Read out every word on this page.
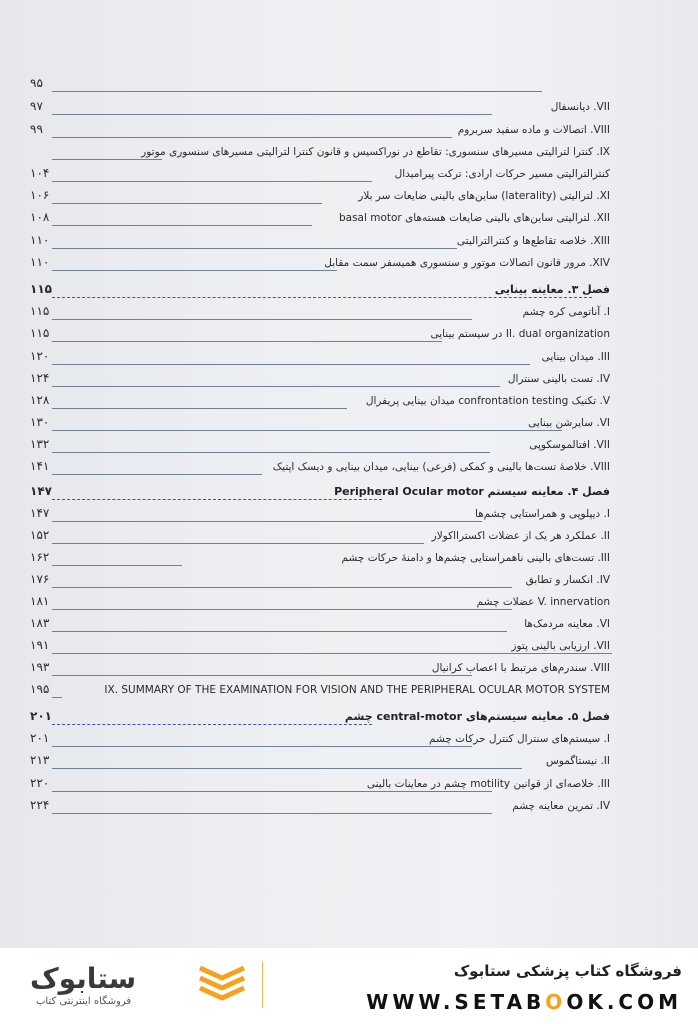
۹۵
۹۷	VII. دیانسفال
۹۹	VIII. اتصالات و ماده سفید سربروم
IX. کنترا لترالیتی مسیرهای سنسوری: تقاطع در نوراکسیس و قانون کنترا لترالیتی مسیرهای سنسوری موتور
۱۰۴	کنترالترالیتی مسیر حرکات ارادی: ترکت پیرامیدال
۱۰۶	XI. لترالیتی (laterality) ساین‌های بالینی ضایعات سر بلار
۱۰۸	XII. لترالیتی ساین‌های بالینی ضایعات هسته‌های basal motor
۱۱۰	XIII. خلاصه تقاطع‌ها و کنترالترالیتی
۱۱۰	XIV. مرور قانون اتصالات موتور و سنسوری همیسفر سمت مقابل
۱۱۵	فصل ۳. معاینه بینایی
۱۱۵	I. آناتومی کره چشم
۱۱۵	II. dual organization در سیستم بینایی
۱۲۰	III. میدان بینایی
۱۲۴	IV. تست بالینی سنترال
۱۲۸	V. تکنیک confrontation testing میدان بینایی پریفرال
۱۳۰	VI. سایرشن بینایی
۱۳۲	VII. افتالموسکوپی
۱۴۱	VIII. خلاصهٔ تست‌ها بالینی و کمکی (فرعی) بینایی، میدان بینایی و دیسک اپتیک
۱۴۷	فصل ۴. معاینه سیستم Peripheral Ocular motor
۱۴۷	I. دیپلوپی و همراستایی چشم‌ها
۱۵۲	II. عملکرد هر یک از عضلات اکسترااکولار
۱۶۲	III. تست‌های بالینی ناهمراستایی چشم‌ها و دامنهٔ حرکات چشم
۱۷۶	IV. انکسار و تطابق
۱۸۱	V. innervation عضلات چشم
۱۸۳	VI. معاینه مردمک‌ها
۱۹۱	VII. ارزیابی بالینی پتوز
۱۹۳	VIII. سندرم‌های مرتبط با اعصاب کرانیال
۱۹۵	IX. SUMMARY OF THE EXAMINATION FOR VISION AND THE PERIPHERAL OCULAR MOTOR SYSTEM
۲۰۱	فصل ۵. معاینه سیستم‌های central-motor چشم
۲۰۱	I. سیستم‌های سنترال کنترل حرکات چشم
۲۱۳	II. نیستاگموس
۲۲۰	III. خلاصه‌ای از قوانین motility چشم در معاینات بالینی
۲۲۴	IV. تمرین معاینه چشم
ستابوک
فروشگاه اینترنتی کتاب
فروشگاه کتاب پزشکی ستابوک
WWW.SETABOOK.COM
